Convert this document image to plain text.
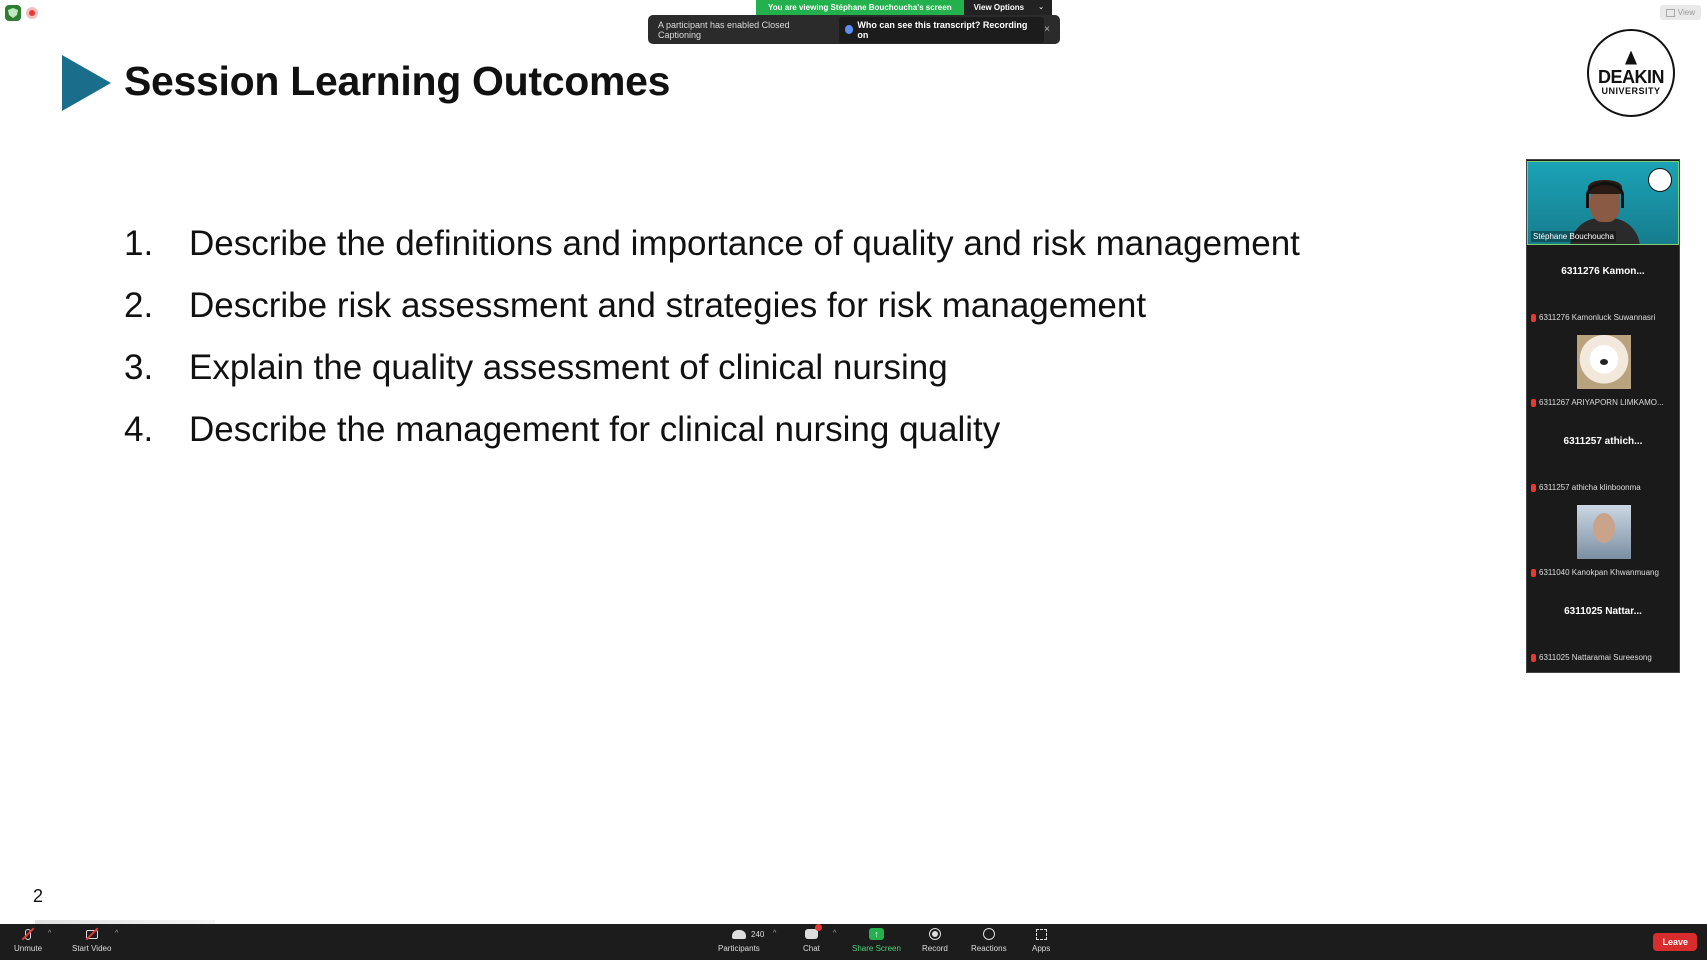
You are viewing Stéphane Bouchoucha's screen	View Options ⌄
A participant has enabled Closed Captioning
Who can see this transcript? Recording on	×
View
Session Learning Outcomes	DEAKIN
UNIVERSITY
1.	Describe the definitions and importance of quality and risk management
2.	Describe risk assessment and strategies for risk management
3.	Explain the quality assessment of clinical nursing
4.	Describe the management for clinical nursing quality
2
Stéphane Bouchoucha
6311276 Kamon...
6311276 Kamonluck Suwannasri
6311267 ARIYAPORN LIMKAMO...
6311257 athich...
6311257 athicha klinboonma
6311040 Kanokpan Khwanmuang
6311025 Nattar...
6311025 Nattaramai Sureesong
Unmute
^
Start Video
^
Participants
240 ^
Chat
^	↑
Share Screen	Record	Reactions	Apps
Leave
